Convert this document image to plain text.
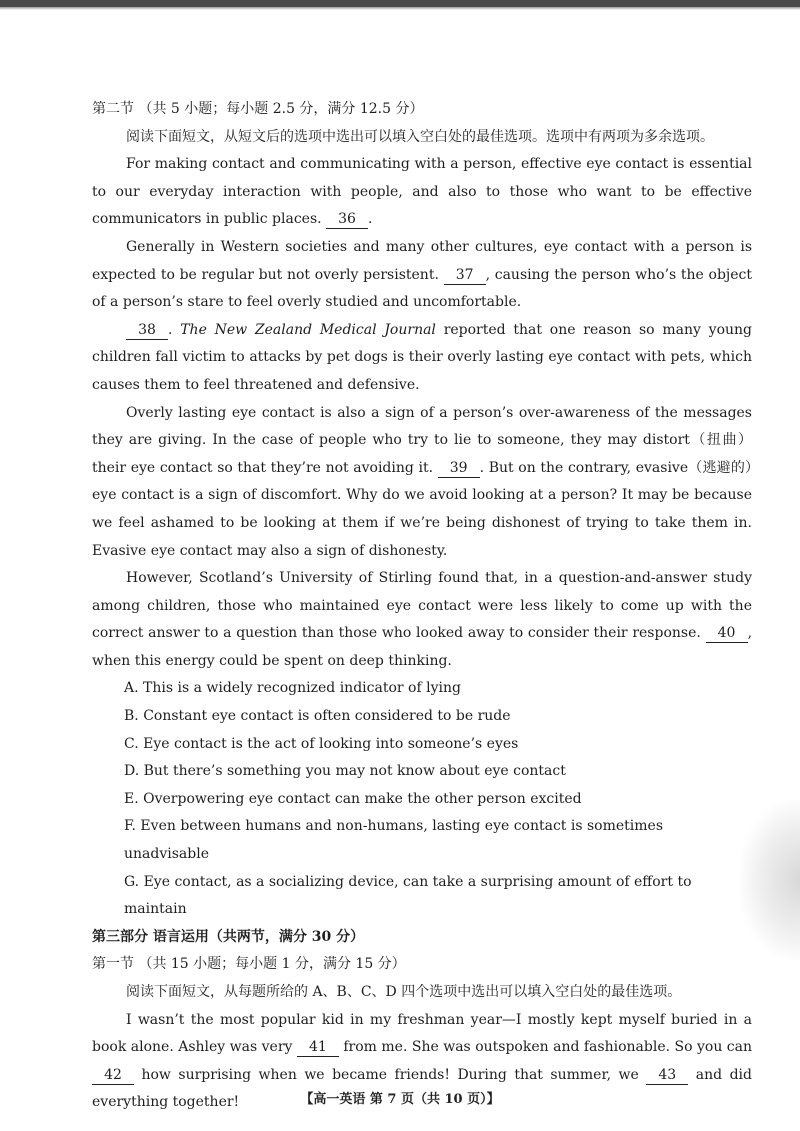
第二节 （共 5 小题；每小题 2.5 分，满分 12.5 分）

阅读下面短文，从短文后的选项中选出可以填入空白处的最佳选项。选项中有两项为多余选项。

For making contact and communicating with a person, effective eye contact is essential to our everyday interaction with people, and also to those who want to be effective communicators in public places. 36 .

Generally in Western societies and many other cultures, eye contact with a person is expected to be regular but not overly persistent. 37 , causing the person who’s the object of a person’s stare to feel overly studied and uncomfortable.

38 . The New Zealand Medical Journal reported that one reason so many young children fall victim to attacks by pet dogs is their overly lasting eye contact with pets, which causes them to feel threatened and defensive.

Overly lasting eye contact is also a sign of a person’s over-awareness of the messages they are giving. In the case of people who try to lie to someone, they may distort（扭曲）their eye contact so that they’re not avoiding it. 39 . But on the contrary, evasive（逃避的）eye contact is a sign of discomfort. Why do we avoid looking at a person? It may be because we feel ashamed to be looking at them if we’re being dishonest of trying to take them in. Evasive eye contact may also a sign of dishonesty.

However, Scotland’s University of Stirling found that, in a question-and-answer study among children, those who maintained eye contact were less likely to come up with the correct answer to a question than those who looked away to consider their response. 40 , when this energy could be spent on deep thinking.

A. This is a widely recognized indicator of lying

B. Constant eye contact is often considered to be rude

C. Eye contact is the act of looking into someone’s eyes

D. But there’s something you may not know about eye contact

E. Overpowering eye contact can make the other person excited

F. Even between humans and non-humans, lasting eye contact is sometimes unadvisable

G. Eye contact, as a socializing device, can take a surprising amount of effort to maintain

第三部分 语言运用（共两节，满分 30 分）

第一节 （共 15 小题；每小题 1 分，满分 15 分）

阅读下面短文，从每题所给的 A、B、C、D 四个选项中选出可以填入空白处的最佳选项。

I wasn’t the most popular kid in my freshman year—I mostly kept myself buried in a book alone. Ashley was very 41 from me. She was outspoken and fashionable. So you can 42 how surprising when we became friends! During that summer, we 43 and did everything together!	【高一英语 第 7 页（共 10 页）】
